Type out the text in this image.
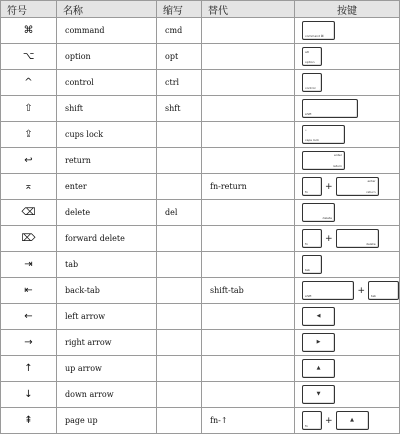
符号	名称	缩写	替代	按键
⌘	command	cmd		command ⌘

⌥	option	opt		alt
option

^	control	ctrl		control

⇧	shift	shft		shift

⇪	cups lock			•
caps lock

↩	return			enter
return

⌅	enter		fn-return	fn
+
enter
return

⌫	delete	del		delete

⌦	forward delete			fn
+
delete

⇥	tab			tab

⇤	back-tab		shift-tab	shift
+
tab

←	left arrow			◀

→	right arrow			▶

↑	up arrow			▲

↓	down arrow			▼

⇞	page up		fn-↑	fn
+ ▲
